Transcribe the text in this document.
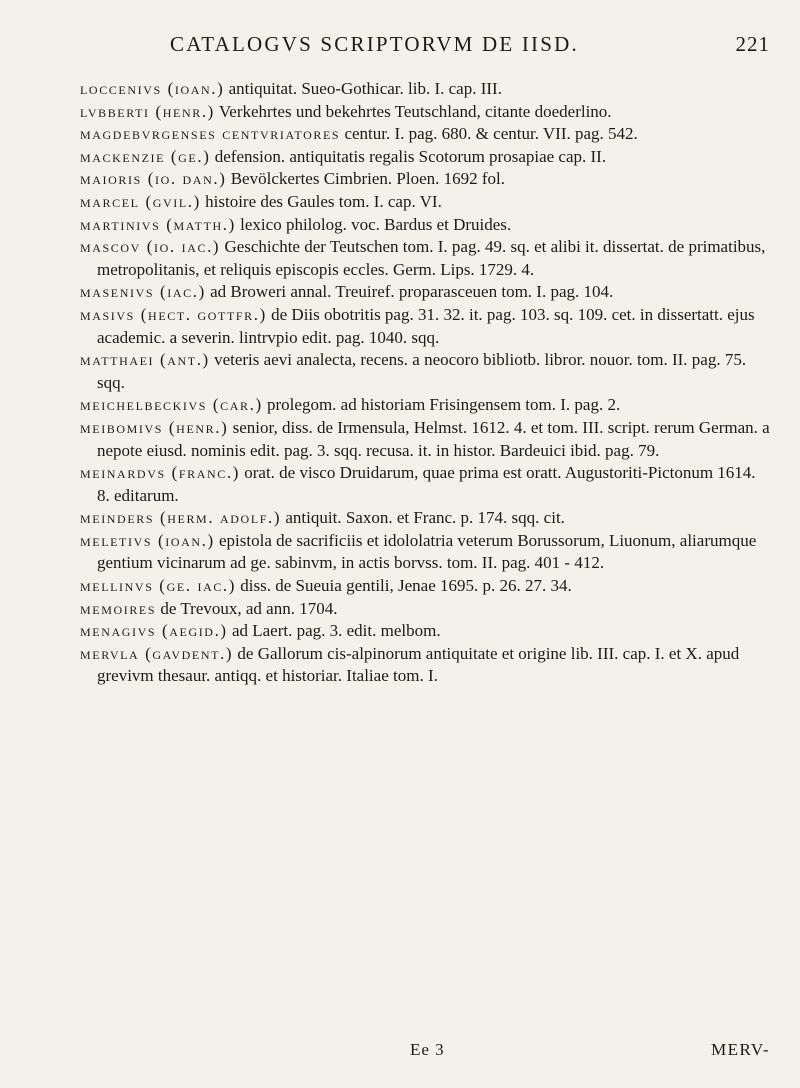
CATALOGVS SCRIPTORVM DE IISD.	221

loccenivs (ioan.) antiquitat. Sueo-Gothicar. lib. I. cap. III.

lvbberti (henr.) Verkehrtes und bekehrtes Teutschland, citante doederlino.

magdebvrgenses centvriatores centur. I. pag. 680. & centur. VII. pag. 542.

mackenzie (ge.) defension. antiquitatis regalis Scotorum prosapiae cap. II.

maioris (io. dan.) Bevölckertes Cimbrien. Ploen. 1692 fol.

marcel (gvil.) histoire des Gaules tom. I. cap. VI.

martinivs (matth.) lexico philolog. voc. Bardus et Druides.

mascov (io. iac.) Geschichte der Teutschen tom. I. pag. 49. sq. et alibi it. dissertat. de primatibus, metropolitanis, et reliquis episcopis eccles. Germ. Lips. 1729. 4.

masenivs (iac.) ad Broweri annal. Treuiref. proparasceuen tom. I. pag. 104.

masivs (hect. gottfr.) de Diis obotritis pag. 31. 32. it. pag. 103. sq. 109. cet. in dissertatt. ejus academic. a severin. lintrvpio edit. pag. 1040. sqq.

matthaei (ant.) veteris aevi analecta, recens. a neocoro bibliotb. libror. nouor. tom. II. pag. 75. sqq.

meichelbeckivs (car.) prolegom. ad historiam Frisingensem tom. I. pag. 2.

meibomivs (henr.) senior, diss. de Irmensula, Helmst. 1612. 4. et tom. III. script. rerum German. a nepote eiusd. nominis edit. pag. 3. sqq. recusa. it. in histor. Bardeuici ibid. pag. 79.

meinardvs (franc.) orat. de visco Druidarum, quae prima est oratt. Augustoriti-Pictonum 1614. 8. editarum.

meinders (herm. adolf.) antiquit. Saxon. et Franc. p. 174. sqq. cit.

meletivs (ioan.) epistola de sacrificiis et idololatria veterum Borussorum, Liuonum, aliarumque gentium vicinarum ad ge. sabinvm, in actis borvss. tom. II. pag. 401 - 412.

mellinvs (ge. iac.) diss. de Sueuia gentili, Jenae 1695. p. 26. 27. 34.

memoires de Trevoux, ad ann. 1704.

menagivs (aegid.) ad Laert. pag. 3. edit. melbom.

mervla (gavdent.) de Gallorum cis-alpinorum antiquitate et origine lib. III. cap. I. et X. apud grevivm thesaur. antiqq. et historiar. Italiae tom. I.

Ee 3	MERV-
